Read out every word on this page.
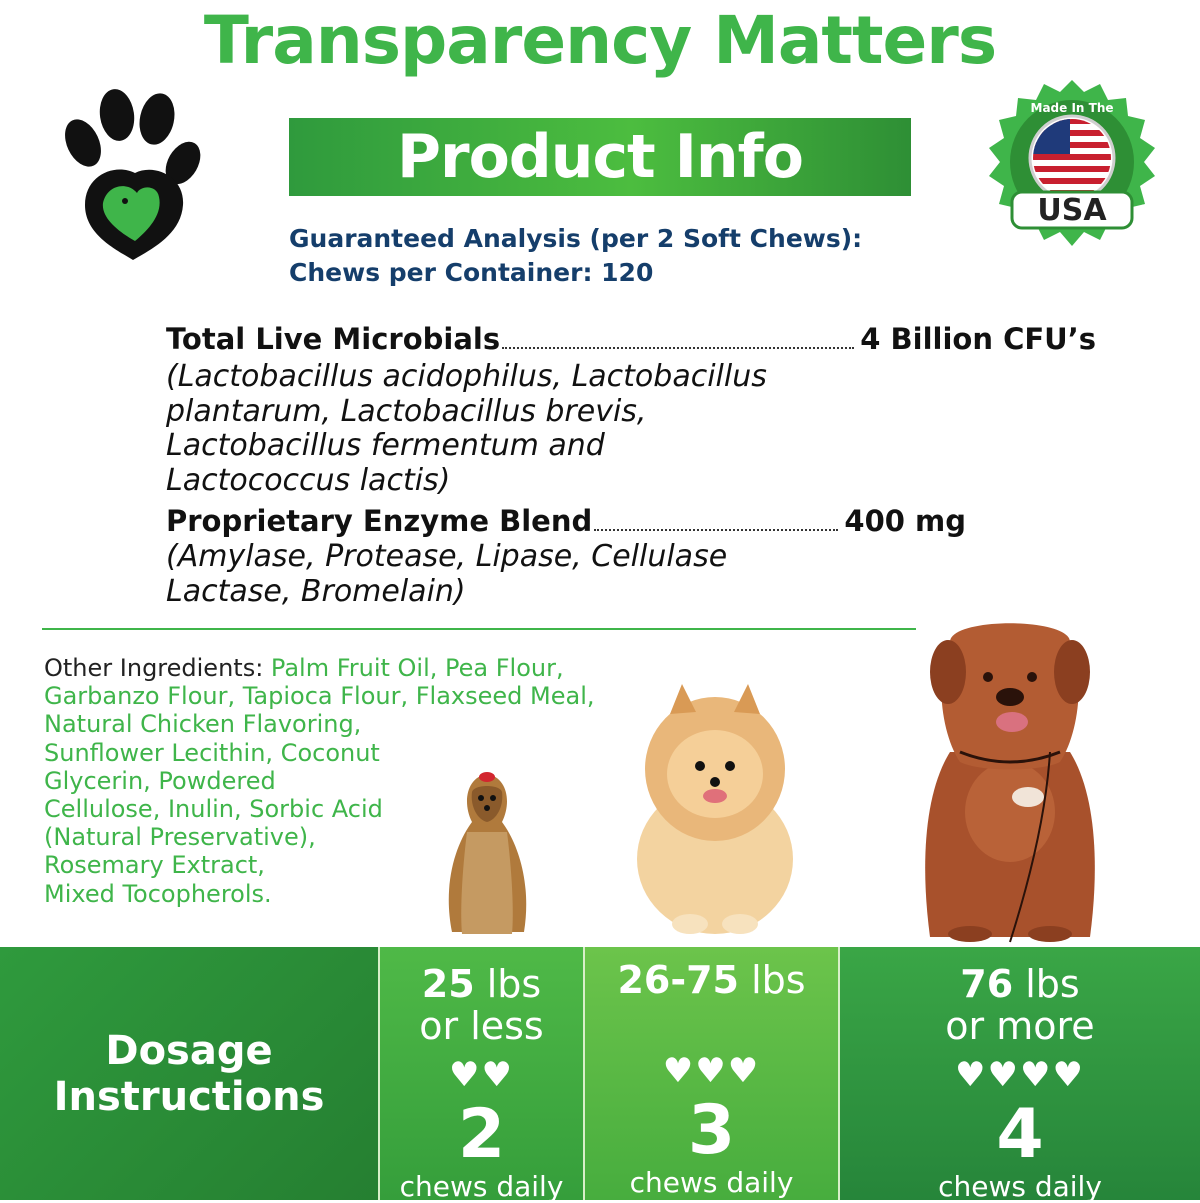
Transparency Matters
Product Info
USA
★	★
Made In The
Guaranteed Analysis (per 2 Soft Chews):
Chews per Container: 120
Total Live Microbials	4 Billion CFU’s
(Lactobacillus acidophilus, Lactobacillus
plantarum, Lactobacillus brevis,
Lactobacillus fermentum and
Lactococcus lactis)
Proprietary Enzyme Blend	400 mg
(Amylase, Protease, Lipase, Cellulase
Lactase, Bromelain)
Other Ingredients: Palm Fruit Oil, Pea Flour,
Garbanzo Flour, Tapioca Flour, Flaxseed Meal,
Natural Chicken Flavoring,
Sunflower Lecithin, Coconut
Glycerin, Powdered
Cellulose, Inulin, Sorbic Acid
(Natural Preservative),
Rosemary Extract,
Mixed Tocopherols.
Dosage
Instructions
25 lbs
or less
♥♥
2
chews daily
26-75 lbs
♥♥♥
3
chews daily
76 lbs
or more
♥♥♥♥
4
chews daily
